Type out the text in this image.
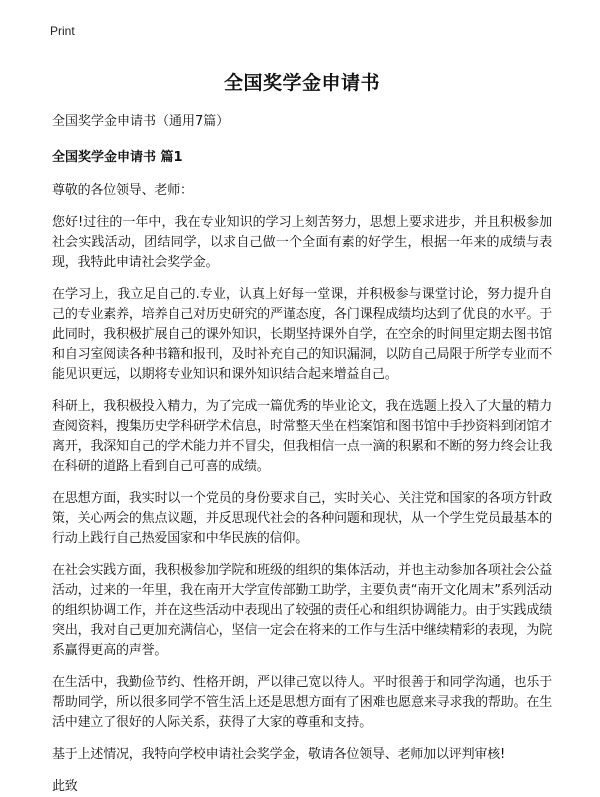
Print
全国奖学金申请书
全国奖学金申请书（通用7篇）
全国奖学金申请书 篇1
尊敬的各位领导、老师：
您好!过往的一年中，我在专业知识的学习上刻苦努力，思想上要求进步，并且积极参加社会实践活动，团结同学，以求自己做一个全面有素的好学生，根据一年来的成绩与表现，我特此申请社会奖学金。
在学习上，我立足自己的.专业，认真上好每一堂课，并积极参与课堂讨论，努力提升自己的专业素养，培养自己对历史研究的严谨态度，各门课程成绩均达到了优良的水平。于此同时，我积极扩展自己的课外知识，长期坚持课外自学，在空余的时间里定期去图书馆和自习室阅读各种书籍和报刊，及时补充自己的知识漏洞，以防自己局限于所学专业而不能见识更远，以期将专业知识和课外知识结合起来增益自己。
科研上，我积极投入精力，为了完成一篇优秀的毕业论文，我在选题上投入了大量的精力查阅资料，搜集历史学科研学术信息，时常整天坐在档案馆和图书馆中手抄资料到闭馆才离开，我深知自己的学术能力并不冒尖，但我相信一点一滴的积累和不断的努力终会让我在科研的道路上看到自己可喜的成绩。
在思想方面，我实时以一个党员的身份要求自己，实时关心、关注党和国家的各项方针政策，关心两会的焦点议题，并反思现代社会的各种问题和现状，从一个学生党员最基本的行动上践行自己热爱国家和中华民族的信仰。
在社会实践方面，我积极参加学院和班级的组织的集体活动，并也主动参加各项社会公益活动，过来的一年里，我在南开大学宣传部勤工助学，主要负责“南开文化周末”系列活动的组织协调工作，并在这些活动中表现出了较强的责任心和组织协调能力。由于实践成绩突出，我对自己更加充满信心，坚信一定会在将来的工作与生活中继续精彩的表现，为院系赢得更高的声誉。
在生活中，我勤俭节约、性格开朗，严以律己宽以待人。平时很善于和同学沟通，也乐于帮助同学，所以很多同学不管生活上还是思想方面有了困难也愿意来寻求我的帮助。在生活中建立了很好的人际关系，获得了大家的尊重和支持。
基于上述情况，我特向学校申请社会奖学金，敬请各位领导、老师加以评判审核!
此致
